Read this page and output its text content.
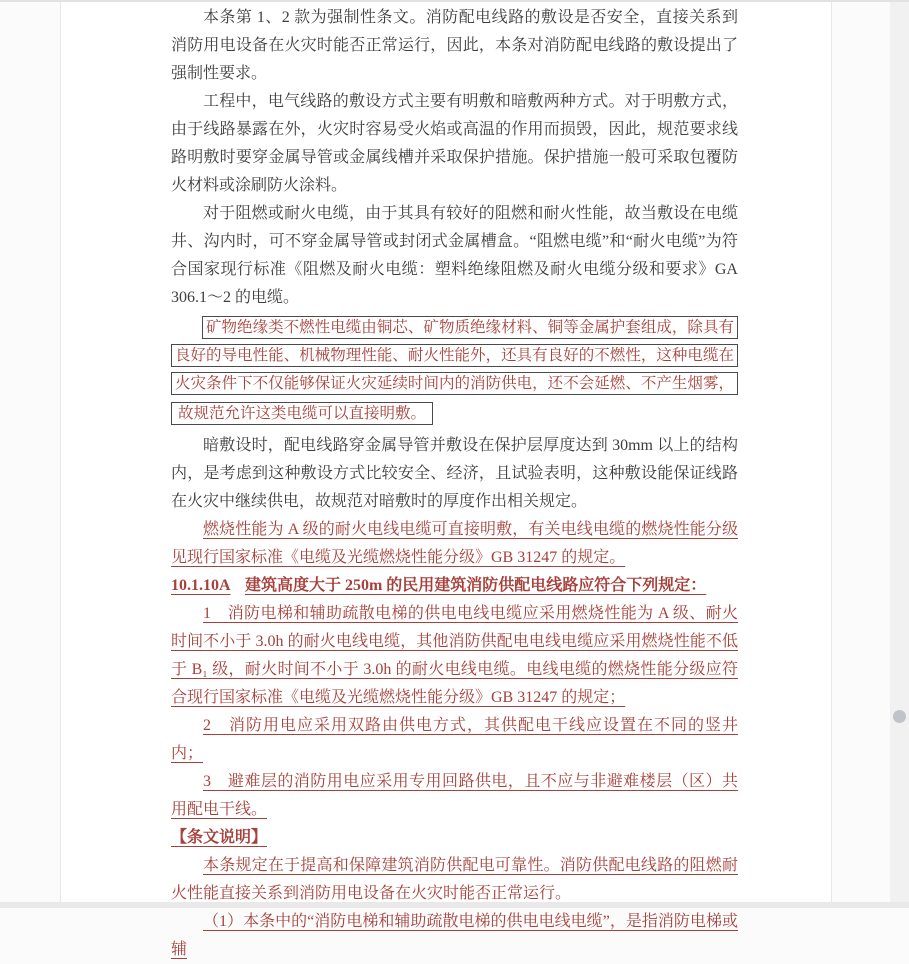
本条第 1、2 款为强制性条文。消防配电线路的敷设是否安全，直接关系到消防用电设备在火灾时能否正常运行，因此，本条对消防配电线路的敷设提出了强制性要求。

工程中，电气线路的敷设方式主要有明敷和暗敷两种方式。对于明敷方式，由于线路暴露在外，火灾时容易受火焰或高温的作用而损毁，因此，规范要求线路明敷时要穿金属导管或金属线槽并采取保护措施。保护措施一般可采取包覆防火材料或涂刷防火涂料。

对于阻燃或耐火电缆，由于其具有较好的阻燃和耐火性能，故当敷设在电缆井、沟内时，可不穿金属导管或封闭式金属槽盒。“阻燃电缆”和“耐火电缆”为符合国家现行标准《阻燃及耐火电缆：塑料绝缘阻燃及耐火电缆分级和要求》GA 306.1～2 的电缆。

矿物绝缘类不燃性电缆由铜芯、矿物质绝缘材料、铜等金属护套组成，除具有
良好的导电性能、机械物理性能、耐火性能外，还具有良好的不燃性，这种电缆在
火灾条件下不仅能够保证火灾延续时间内的消防供电，还不会延燃、不产生烟雾，
故规范允许这类电缆可以直接明敷。

暗敷设时，配电线路穿金属导管并敷设在保护层厚度达到 30mm 以上的结构内，是考虑到这种敷设方式比较安全、经济，且试验表明，这种敷设能保证线路在火灾中继续供电，故规范对暗敷时的厚度作出相关规定。

燃烧性能为 A 级的耐火电线电缆可直接明敷，有关电线电缆的燃烧性能分级见现行国家标准《电缆及光缆燃烧性能分级》GB 31247 的规定。

10.1.10A 建筑高度大于 250m 的民用建筑消防供配电线路应符合下列规定：

1　消防电梯和辅助疏散电梯的供电电线电缆应采用燃烧性能为 A 级、耐火时间不小于 3.0h 的耐火电线电缆，其他消防供配电电线电缆应采用燃烧性能不低于 B₁ 级，耐火时间不小于 3.0h 的耐火电线电缆。电线电缆的燃烧性能分级应符合现行国家标准《电缆及光缆燃烧性能分级》GB 31247 的规定；

2　消防用电应采用双路由供电方式，其供配电干线应设置在不同的竖井内；

3　避难层的消防用电应采用专用回路供电，且不应与非避难楼层（区）共用配电干线。

【条文说明】

本条规定在于提高和保障建筑消防供配电可靠性。消防供配电线路的阻燃耐火性能直接关系到消防用电设备在火灾时能否正常运行。

（1）本条中的“消防电梯和辅助疏散电梯的供电电线电缆”，是指消防电梯或辅
